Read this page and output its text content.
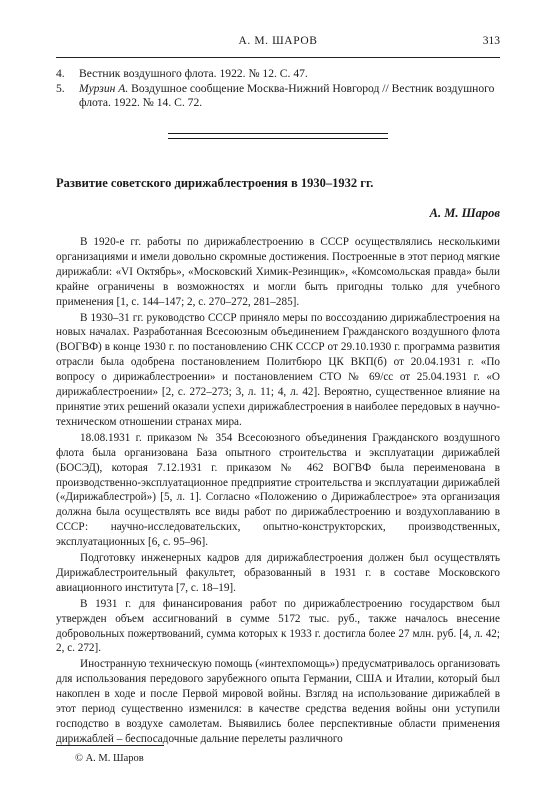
А. М. ШАРОВ	313
4. Вестник воздушного флота. 1922. № 12. С. 47.
5. Мурзин А. Воздушное сообщение Москва-Нижний Новгород // Вестник воздушного флота. 1922. № 14. С. 72.
Развитие советского дирижаблестроения в 1930–1932 гг.
А. М. Шаров

В 1920-е гг. работы по дирижаблестроению в СССР осуществлялись несколькими организациями и имели довольно скромные достижения. Построенные в этот период мягкие дирижабли: «VI Октябрь», «Московский Химик-Резинщик», «Комсомольская правда» были крайне ограничены в возможностях и могли быть пригодны только для учебного применения [1, с. 144–147; 2, с. 270–272, 281–285].

В 1930–31 гг. руководство СССР приняло меры по воссозданию дирижаблестроения на новых началах. Разработанная Всесоюзным объединением Гражданского воздушного флота (ВОГВФ) в конце 1930 г. по постановлению СНК СССР от 29.10.1930 г. программа развития отрасли была одобрена постановлением Политбюро ЦК ВКП(б) от 20.04.1931 г. «По вопросу о дирижаблестроении» и постановлением СТО № 69/сс от 25.04.1931 г. «О дирижаблестроении» [2, с. 272–273; 3, л. 11; 4, л. 42]. Вероятно, существенное влияние на принятие этих решений оказали успехи дирижаблестроения в наиболее передовых в научно-техническом отношении странах мира.

18.08.1931 г. приказом № 354 Всесоюзного объединения Гражданского воздушного флота была организована База опытного строительства и эксплуатации дирижаблей (БОСЭД), которая 7.12.1931 г. приказом № 462 ВОГВФ была переименована в производственно-эксплуатационное предприятие строительства и эксплуатации дирижаблей («Дирижаблестрой») [5, л. 1]. Согласно «Положению о Дирижаблестрое» эта организация должна была осуществлять все виды работ по дирижаблестроению и воздухоплаванию в СССР: научно-исследовательских, опытно-конструкторских, производственных, эксплуатационных [6, с. 95–96].

Подготовку инженерных кадров для дирижаблестроения должен был осуществлять Дирижаблестроительный факультет, образованный в 1931 г. в составе Московского авиационного института [7, с. 18–19].

В 1931 г. для финансирования работ по дирижаблестроению государством был утвержден объем ассигнований в сумме 5172 тыс. руб., также началось внесение добровольных пожертвований, сумма которых к 1933 г. достигла более 27 млн. руб. [4, л. 42; 2, с. 272].

Иностранную техническую помощь («интехпомощь») предусматривалось организовать для использования передового зарубежного опыта Германии, США и Италии, который был накоплен в ходе и после Первой мировой войны. Взгляд на использование дирижаблей в этот период существенно изменился: в качестве средства ведения войны они уступили господство в воздухе самолетам. Выявились более перспективные области применения дирижаблей – беспосадочные дальние перелеты различного

© А. М. Шаров
